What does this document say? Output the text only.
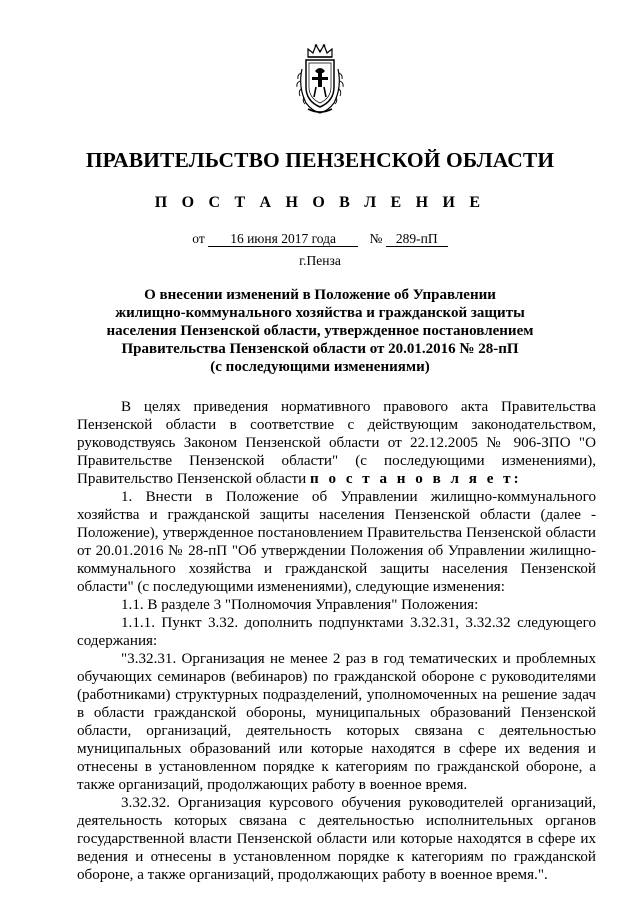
ПРАВИТЕЛЬСТВО ПЕНЗЕНСКОЙ ОБЛАСТИ
П О С Т А Н О В Л Е Н И Е
от 16 июня 2017 года № 289-пП
г.Пенза
О внесении изменений в Положение об Управлении
жилищно-коммунального хозяйства и гражданской защиты
населения Пензенской области, утвержденное постановлением
Правительства Пензенской области от 20.01.2016 № 28-пП
(с последующими изменениями)

В целях приведения нормативного правового акта Правительства Пензенской области в соответствие с действующим законодательством, руководствуясь Законом Пензенской области от 22.12.2005 № 906-ЗПО "О Правительстве Пензенской области" (с последующими изменениями), Правительство Пензенской области п о с т а н о в л я е т:

1. Внести в Положение об Управлении жилищно-коммунального хозяйства и гражданской защиты населения Пензенской области (далее - Положение), утвержденное постановлением Правительства Пензенской области от 20.01.2016 № 28-пП "Об утверждении Положения об Управлении жилищно-коммунального хозяйства и гражданской защиты населения Пензенской области" (с последующими изменениями), следующие изменения:

1.1. В разделе 3 "Полномочия Управления" Положения:

1.1.1. Пункт 3.32. дополнить подпунктами 3.32.31, 3.32.32 следующего содержания:

"3.32.31. Организация не менее 2 раз в год тематических и проблемных обучающих семинаров (вебинаров) по гражданской обороне с руководителями (работниками) структурных подразделений, уполномоченных на решение задач в области гражданской обороны, муниципальных образований Пензенской области, организаций, деятельность которых связана с деятельностью муниципальных образований или которые находятся в сфере их ведения и отнесены в установленном порядке к категориям по гражданской обороне, а также организаций, продолжающих работу в военное время.

3.32.32. Организация курсового обучения руководителей организаций, деятельность которых связана с деятельностью исполнительных органов государственной власти Пензенской области или которые находятся в сфере их ведения и отнесены в установленном порядке к категориям по гражданской обороне, а также организаций, продолжающих работу в военное время.".
